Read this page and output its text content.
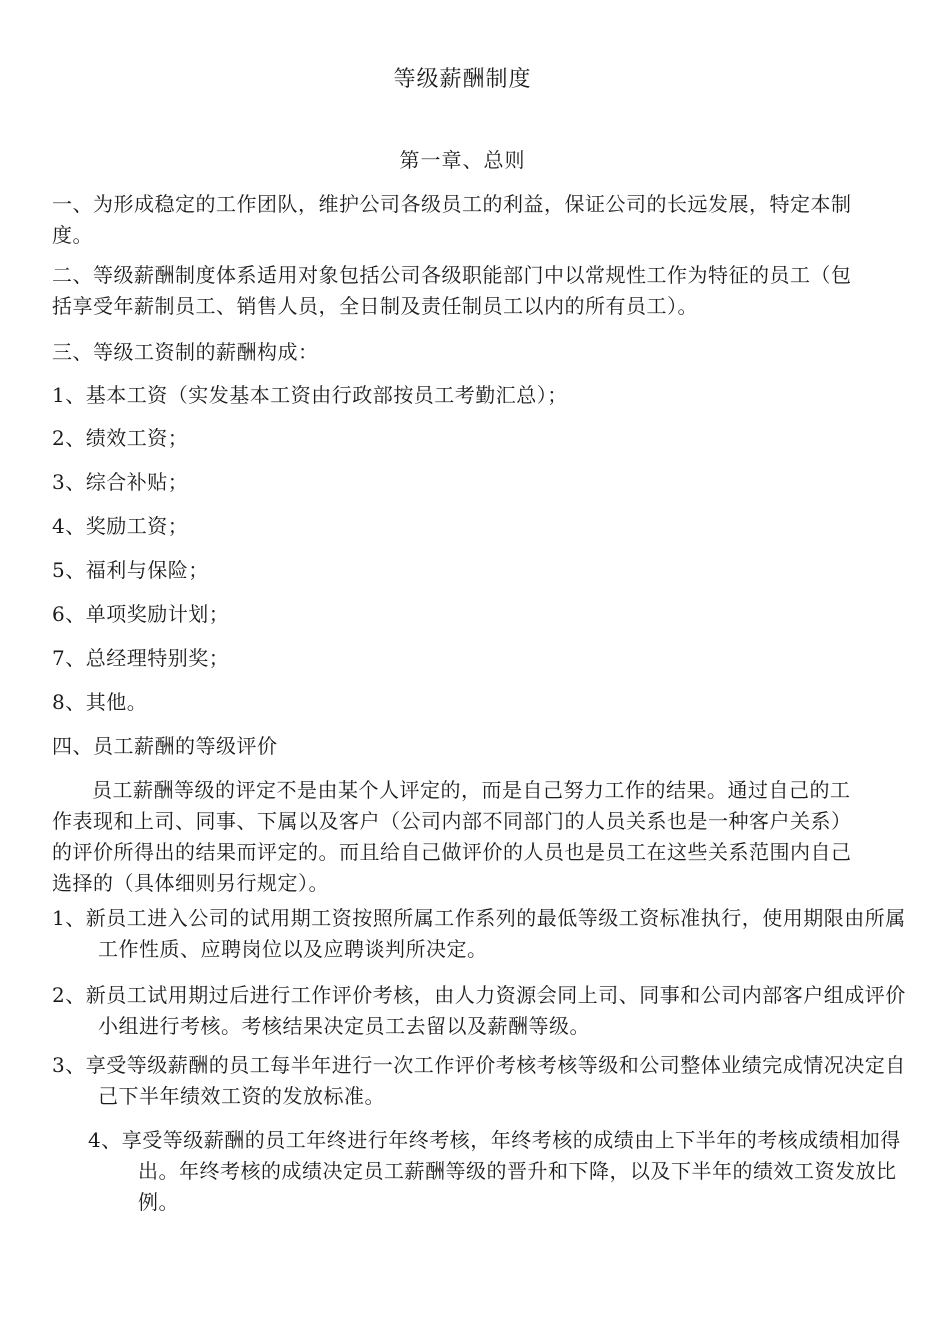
等级薪酬制度
第一章、总则

一、为形成稳定的工作团队，维护公司各级员工的利益，保证公司的长远发展，特定本制度。

二、等级薪酬制度体系适用对象包括公司各级职能部门中以常规性工作为特征的员工（包括享受年薪制员工、销售人员，全日制及责任制员工以内的所有员工）。

三、等级工资制的薪酬构成：

1、基本工资（实发基本工资由行政部按员工考勤汇总）；

2、绩效工资；

3、综合补贴；

4、奖励工资；

5、福利与保险；

6、单项奖励计划；

7、总经理特别奖；

8、其他。

四、员工薪酬的等级评价

员工薪酬等级的评定不是由某个人评定的，而是自己努力工作的结果。通过自己的工作表现和上司、同事、下属以及客户（公司内部不同部门的人员关系也是一种客户关系）的评价所得出的结果而评定的。而且给自己做评价的人员也是员工在这些关系范围内自己选择的（具体细则另行规定）。

1、新员工进入公司的试用期工资按照所属工作系列的最低等级工资标准执行，使用期限由所属工作性质、应聘岗位以及应聘谈判所决定。

2、新员工试用期过后进行工作评价考核，由人力资源会同上司、同事和公司内部客户组成评价小组进行考核。考核结果决定员工去留以及薪酬等级。

3、享受等级薪酬的员工每半年进行一次工作评价考核考核等级和公司整体业绩完成情况决定自己下半年绩效工资的发放标准。

4、享受等级薪酬的员工年终进行年终考核，年终考核的成绩由上下半年的考核成绩相加得出。年终考核的成绩决定员工薪酬等级的晋升和下降，以及下半年的绩效工资发放比例。
